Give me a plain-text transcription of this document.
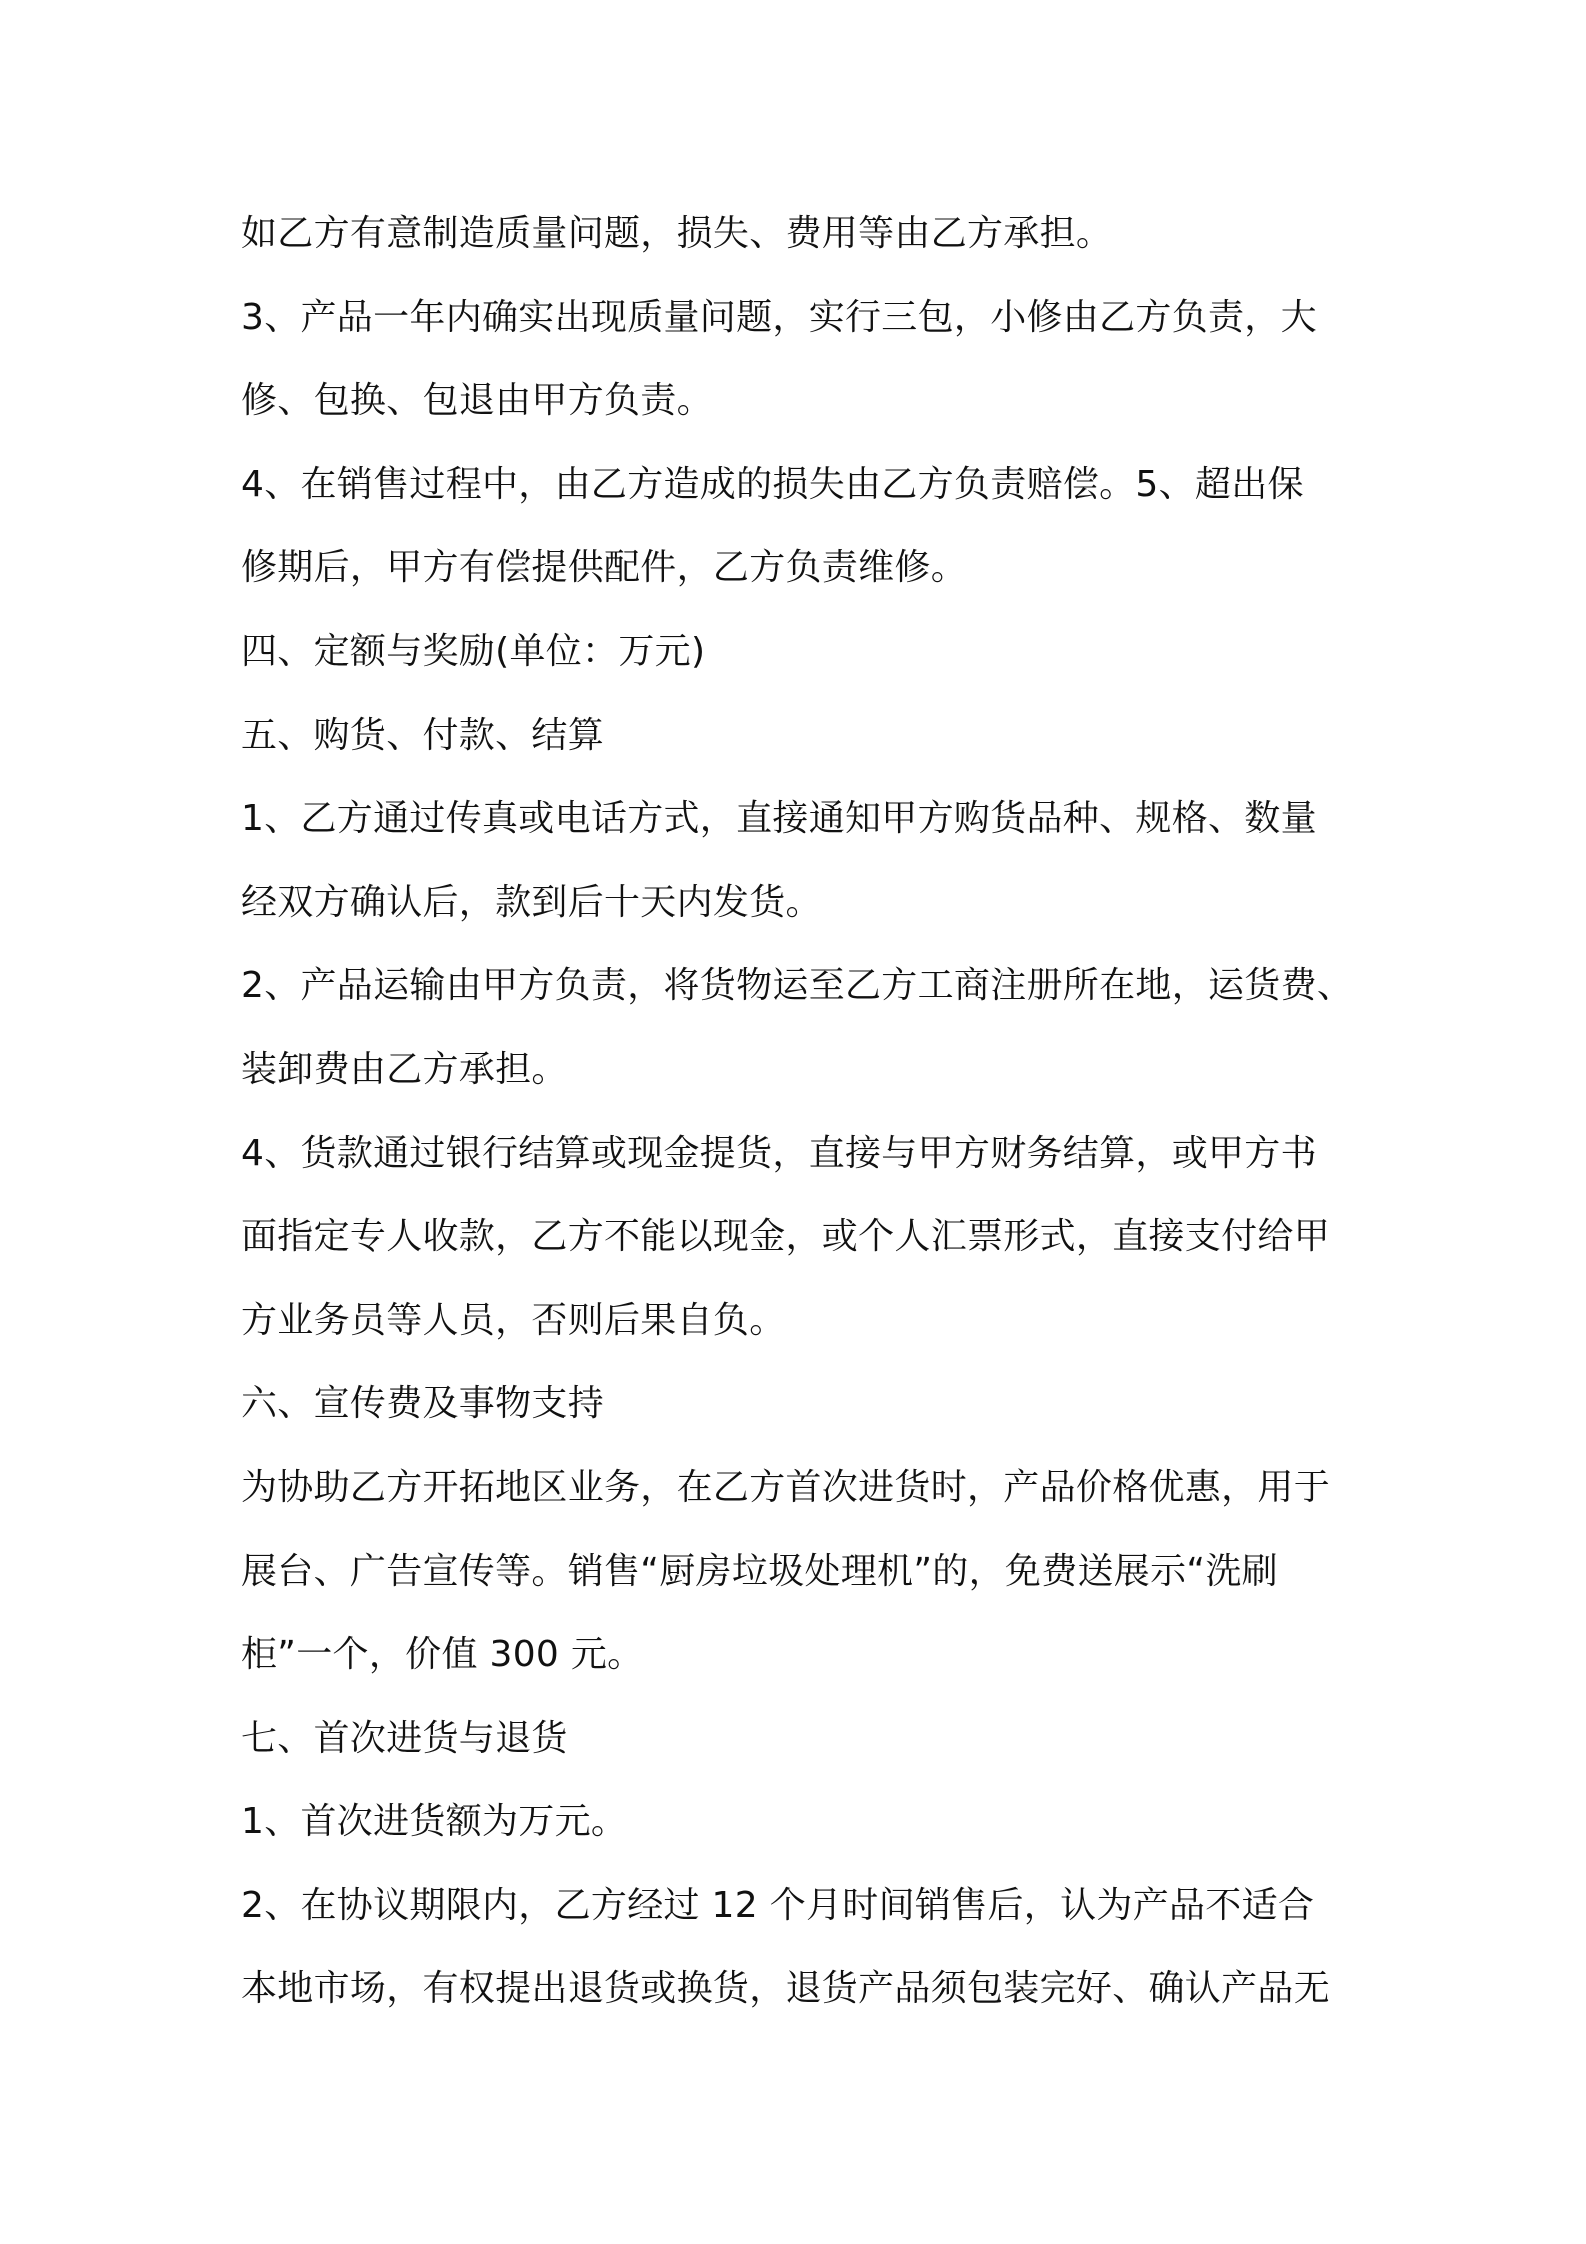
如乙方有意制造质量问题，损失、费用等由乙方承担。
3、产品一年内确实出现质量问题，实行三包，小修由乙方负责，大
修、包换、包退由甲方负责。
4、在销售过程中，由乙方造成的损失由乙方负责赔偿。5、超出保
修期后，甲方有偿提供配件，乙方负责维修。
四、定额与奖励(单位：万元)
五、购货、付款、结算
1、乙方通过传真或电话方式，直接通知甲方购货品种、规格、数量
经双方确认后，款到后十天内发货。
2、产品运输由甲方负责，将货物运至乙方工商注册所在地，运货费、
装卸费由乙方承担。
4、货款通过银行结算或现金提货，直接与甲方财务结算，或甲方书
面指定专人收款，乙方不能以现金，或个人汇票形式，直接支付给甲
方业务员等人员，否则后果自负。
六、宣传费及事物支持
为协助乙方开拓地区业务，在乙方首次进货时，产品价格优惠，用于
展台、广告宣传等。销售“厨房垃圾处理机”的，免费送展示“洗刷
柜”一个，价值 300 元。
七、首次进货与退货
1、首次进货额为万元。
2、在协议期限内，乙方经过 12 个月时间销售后，认为产品不适合
本地市场，有权提出退货或换货，退货产品须包装完好、确认产品无
